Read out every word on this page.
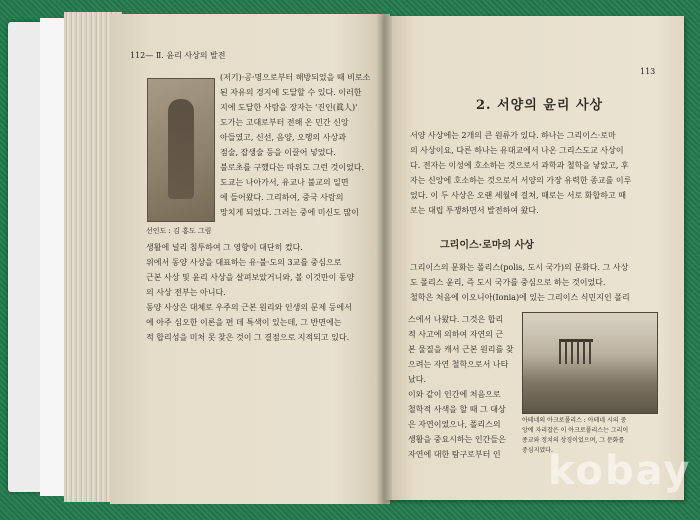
112— Ⅱ. 윤리 사상의 발전
선인도 : 김 홍도 그림
(저기)·공·명으로부터 해방되었을 때 비로소
된 자유의 경지에 도달할 수 있다. 이러한
지에 도달한 사람을 장자는 '진인(眞人)'
도가는 고대로부터 전해 온 민간 신앙
아들였고, 신선, 음양, 오행의 사상과
점술, 잡생술 등을 이끌어 넣었다.
불로초를 구했다는 따위도 그런 것이었다.
도교는 나아가서, 유교나 불교의 일면
에 들어왔다. 그리하여, 중국 사람의
망치게 되었다. 그러는 중에 미신도 많이
생활에 널리 침투하여 그 영향이 대단히 컸다.
위에서 동양 사상을 대표하는 유·불·도의 3교를 중심으로
근본 사상 및 윤리 사상을 살펴보았거니와, 볼 이것만이 동양
의 사상 전부는 아니다.
동양 사상은 대체로 우주의 근본 원리와 인생의 문제 등에서
에 아주 심오한 이론을 편 데 특색이 있는데, 그 반면에는
적 합리성을 미처 못 찾은 것이 그 결점으로 지적되고 있다.
113
2. 서양의 윤리 사상
서양 사상에는 2개의 큰 원류가 있다. 하나는 그리이스·로마
의 사상이요, 다른 하나는 유대교에서 나온 그리스도교 사상이
다. 전자는 이성에 호소하는 것으로서 과학과 철학을 낳았고, 후
자는 신앙에 호소하는 것으로서 서양의 가장 유력한 종교를 이루
었다. 이 두 사상은 오랜 세월에 걸쳐, 때로는 서로 화합하고 때
로는 대립 투쟁하면서 발전하여 왔다.
그리이스·로마의 사상
그리이스의 문화는 폴리스(polis, 도시 국가)의 문화다. 그 사상
도 폴리스 윤리, 즉 도시 국가를 중심으로 하는 것이었다.
철학은 처음에 이오니아(Ionia)에 있는 그리이스 식민지인 폴리
스에서 나왔다. 그것은 합리
적 사고에 의하여 자연의 근
본 물질을 캐서 근본 원리를 찾
으려는 자연 철학으로서 나타
났다.
이와 같이 인간에 처음으로
철학적 사색을 할 때 그 대상
은 자연이었으나, 폴리스의
생활을 중요시하는 인간들은
자연에 대한 탐구로부터 인
아테네의 아크로폴리스 : 아테네 시의 중
앙에 자리잡은 이 아크로폴리스는 그리이
종교와 정치의 상징이었으며, 그 문화를
중심지였다.
kobay
